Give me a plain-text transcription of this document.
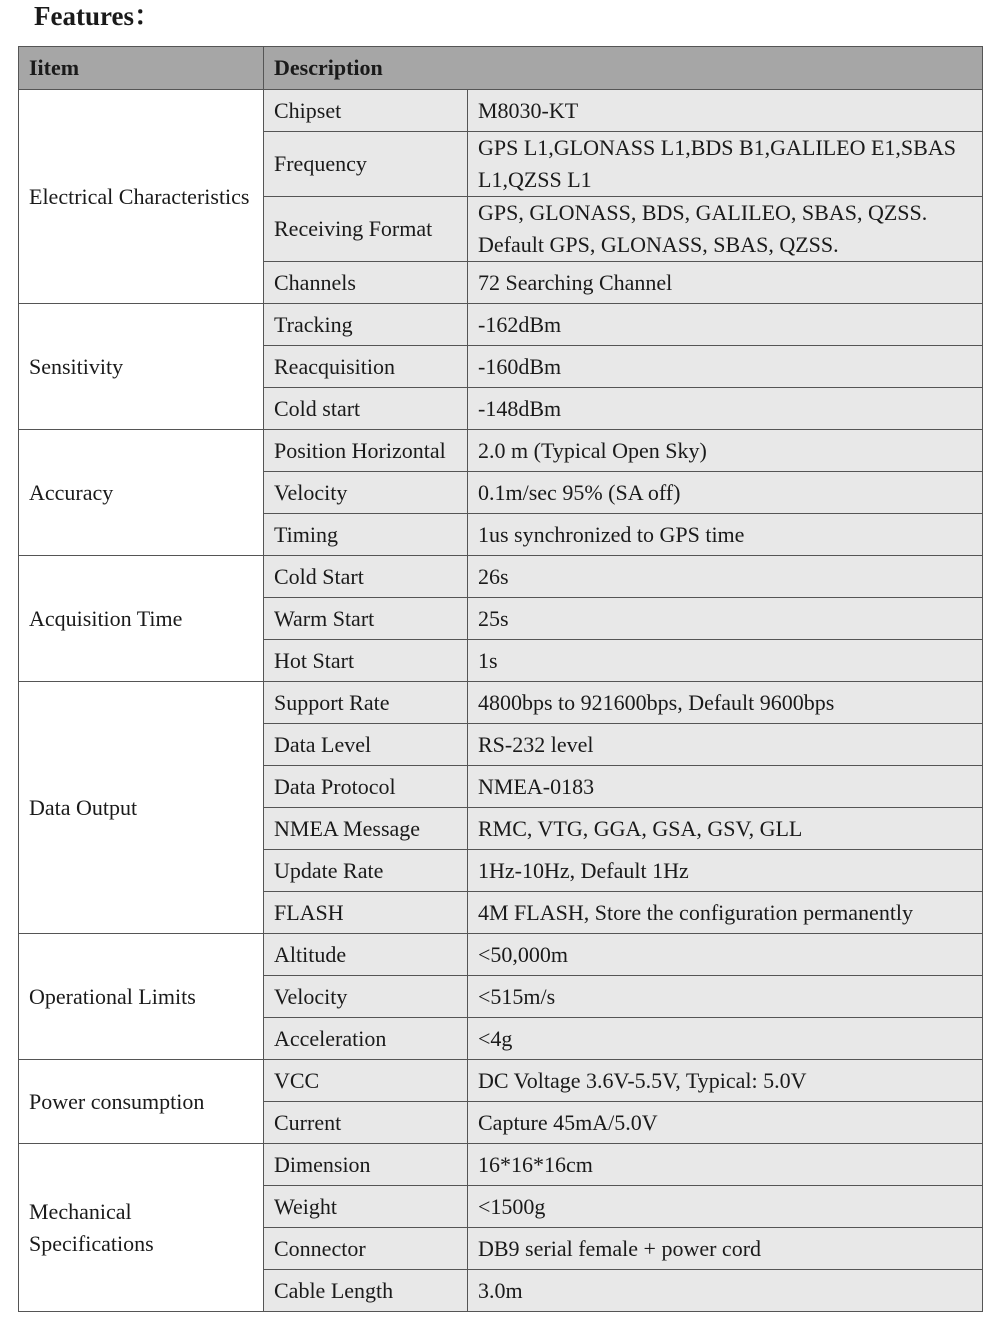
Features：
Iitem	Description	
Electrical Characteristics	Chipset	M8030-KT
	Frequency	GPS L1,GLONASS L1,BDS B1,GALILEO E1,SBAS L1,QZSS L1
	Receiving Format	GPS, GLONASS, BDS, GALILEO, SBAS, QZSS. Default GPS, GLONASS, SBAS, QZSS.
	Channels	72 Searching Channel
Sensitivity	Tracking	-162dBm
	Reacquisition	-160dBm
	Cold start	-148dBm
Accuracy	Position Horizontal	2.0 m (Typical Open Sky)
	Velocity	0.1m/sec 95% (SA off)
	Timing	1us synchronized to GPS time
Acquisition Time	Cold Start	26s
	Warm Start	25s
	Hot Start	1s
Data Output	Support Rate	4800bps to 921600bps, Default 9600bps
	Data Level	RS-232 level
	Data Protocol	NMEA-0183
	NMEA Message	RMC, VTG, GGA, GSA, GSV, GLL
	Update Rate	1Hz-10Hz, Default 1Hz
	FLASH	4M FLASH, Store the configuration permanently
Operational Limits	Altitude	<50,000m
	Velocity	<515m/s
	Acceleration	<4g
Power consumption	VCC	DC Voltage 3.6V-5.5V, Typical: 5.0V
	Current	Capture 45mA/5.0V
Mechanical Specifications	Dimension	16*16*16cm
	Weight	<1500g
	Connector	DB9 serial female + power cord
	Cable Length	3.0m
